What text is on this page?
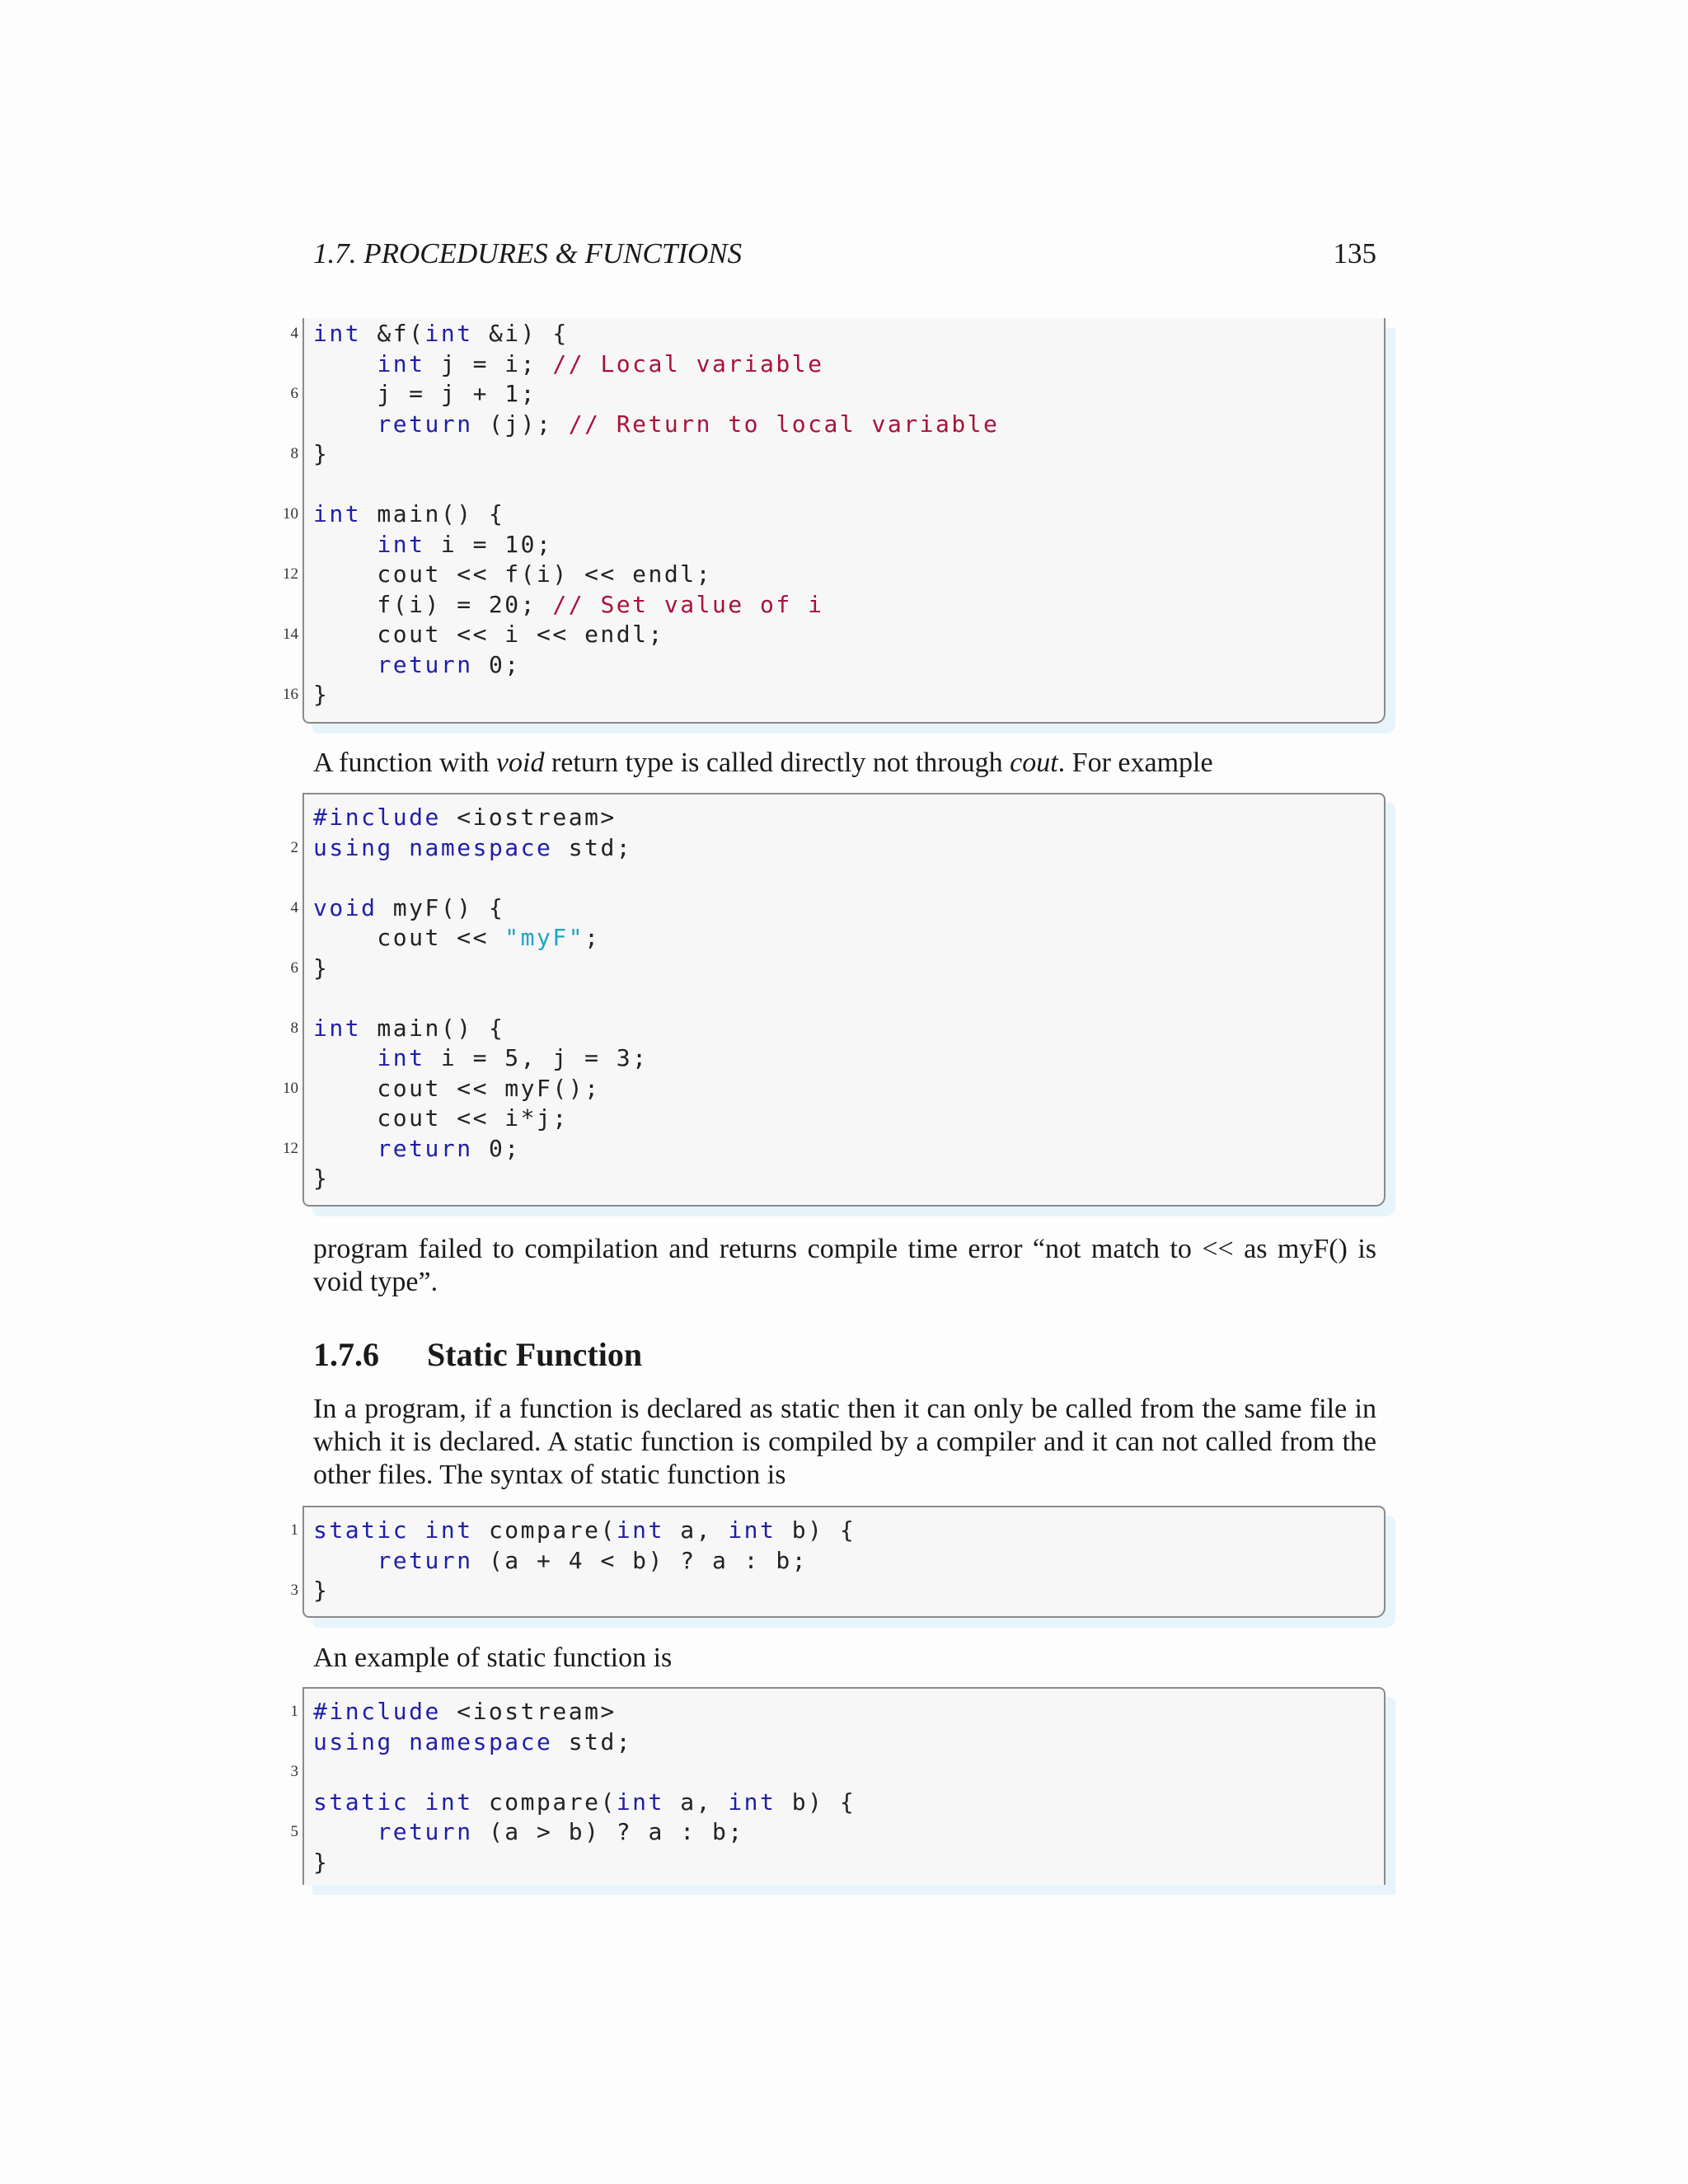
1.7. PROCEDURES & FUNCTIONS	135
4 int &f(int &i) {
int j = i; // Local variable
6 j = j + 1;
return (j); // Return to local variable
8 }
10 int main() {
int i = 10;
12 cout << f(i) << endl;
f(i) = 20; // Set value of i
14 cout << i << endl;
return 0;
16 }
#include <iostream>
2 using namespace std;
4 void myF() {
cout << "myF";
6 }
8 int main() {
int i = 5, j = 3;
10 cout << myF();
cout << i*j;
12	return 0;
}
1 static int compare(int a, int b) {
return (a + 4 < b) ? a : b;
3 }
1 #include <iostream>
using namespace std;
3
static int compare(int a, int b) {
5	return (a > b) ? a : b;
}
A function with void return type is called directly not through cout. For example
program failed to compilation and returns compile time error “not match to << as myF() is void type”.
1.7.6 Static Function
In a program, if a function is declared as static then it can only be called from the same file in which it is declared. A static function is compiled by a compiler and it can not called from the other files. The syntax of static function is
An example of static function is
